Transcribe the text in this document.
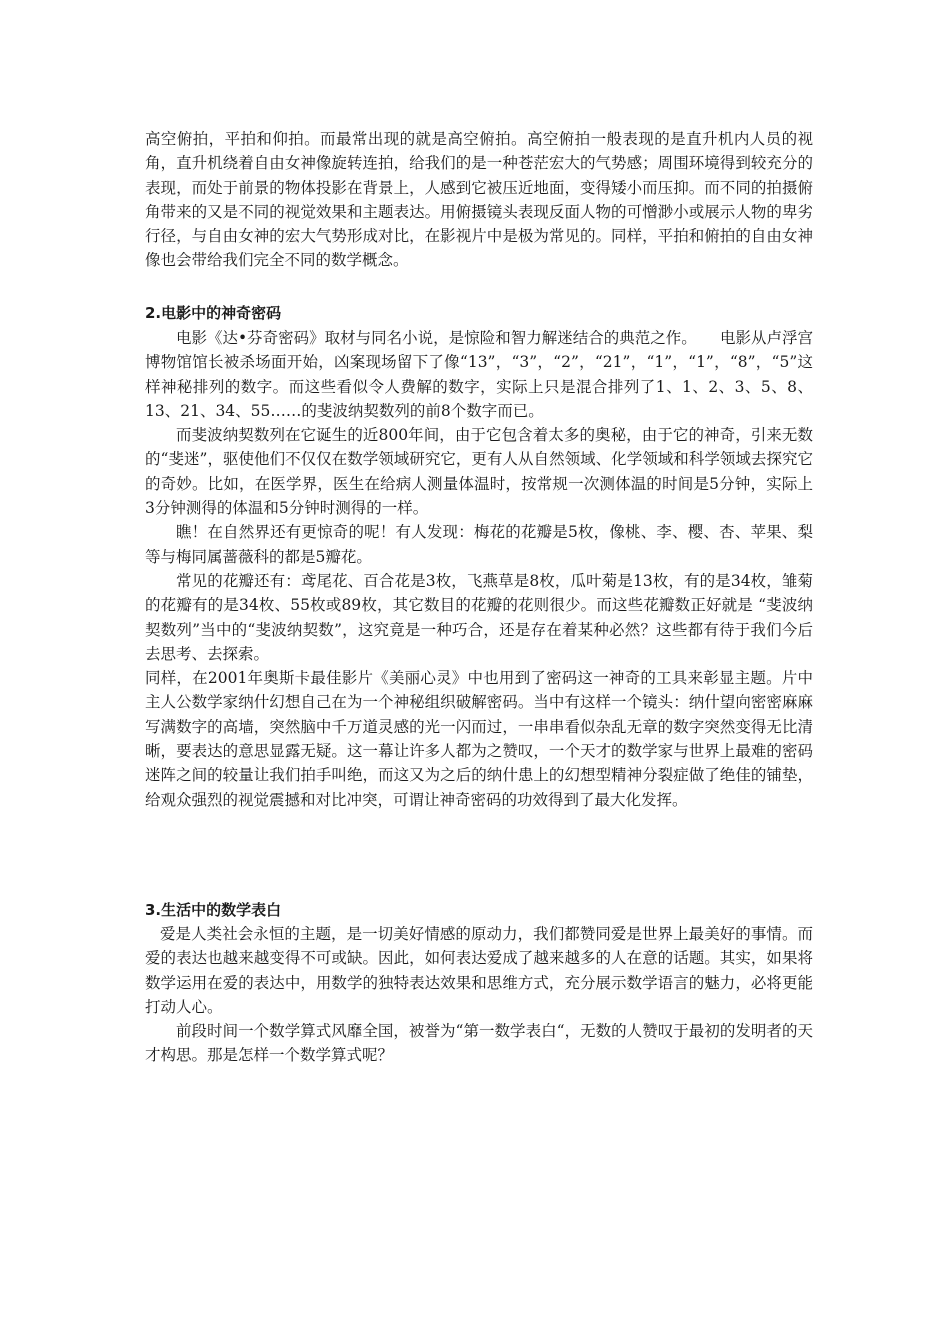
高空俯拍，平拍和仰拍。而最常出现的就是高空俯拍。高空俯拍一般表现的是直升机内人员的视角，直升机绕着自由女神像旋转连拍，给我们的是一种苍茫宏大的气势感；周围环境得到较充分的表现，而处于前景的物体投影在背景上，人感到它被压近地面，变得矮小而压抑。而不同的拍摄俯角带来的又是不同的视觉效果和主题表达。用俯摄镜头表现反面人物的可憎渺小或展示人物的卑劣行径，与自由女神的宏大气势形成对比，在影视片中是极为常见的。同样，平拍和俯拍的自由女神像也会带给我们完全不同的数学概念。

2.电影中的神奇密码

电影《达•芬奇密码》取材与同名小说，是惊险和智力解迷结合的典范之作。　　电影从卢浮宫博物馆馆长被杀场面开始，凶案现场留下了像“13”，“3”，“2”，“21”，“1”，“1”，“8”，“5”这样神秘排列的数字。而这些看似令人费解的数字，实际上只是混合排列了1、1、2、3、5、8、13、21、34、55……的斐波纳契数列的前8个数字而已。

而斐波纳契数列在它诞生的近800年间，由于它包含着太多的奥秘，由于它的神奇，引来无数的“斐迷”，驱使他们不仅仅在数学领域研究它，更有人从自然领域、化学领域和科学领域去探究它的奇妙。比如，在医学界，医生在给病人测量体温时，按常规一次测体温的时间是5分钟，实际上3分钟测得的体温和5分钟时测得的一样。

瞧！在自然界还有更惊奇的呢！有人发现：梅花的花瓣是5枚，像桃、李、樱、杏、苹果、梨等与梅同属蔷薇科的都是5瓣花。

常见的花瓣还有：鸢尾花、百合花是3枚，飞燕草是8枚，瓜叶菊是13枚，有的是34枚，雏菊的花瓣有的是34枚、55枚或89枚，其它数目的花瓣的花则很少。而这些花瓣数正好就是 “斐波纳契数列”当中的“斐波纳契数”，这究竟是一种巧合，还是存在着某种必然？这些都有待于我们今后去思考、去探索。

同样，在2001年奥斯卡最佳影片《美丽心灵》中也用到了密码这一神奇的工具来彰显主题。片中主人公数学家纳什幻想自己在为一个神秘组织破解密码。当中有这样一个镜头：纳什望向密密麻麻写满数字的高墙，突然脑中千万道灵感的光一闪而过，一串串看似杂乱无章的数字突然变得无比清晰，要表达的意思显露无疑。这一幕让许多人都为之赞叹，一个天才的数学家与世界上最难的密码迷阵之间的较量让我们拍手叫绝，而这又为之后的纳什患上的幻想型精神分裂症做了绝佳的铺垫，给观众强烈的视觉震撼和对比冲突，可谓让神奇密码的功效得到了最大化发挥。

3.生活中的数学表白

爱是人类社会永恒的主题，是一切美好情感的原动力，我们都赞同爱是世界上最美好的事情。而爱的表达也越来越变得不可或缺。因此，如何表达爱成了越来越多的人在意的话题。其实，如果将数学运用在爱的表达中，用数学的独特表达效果和思维方式，充分展示数学语言的魅力，必将更能打动人心。

前段时间一个数学算式风靡全国，被誉为“第一数学表白“，无数的人赞叹于最初的发明者的天才构思。那是怎样一个数学算式呢？
